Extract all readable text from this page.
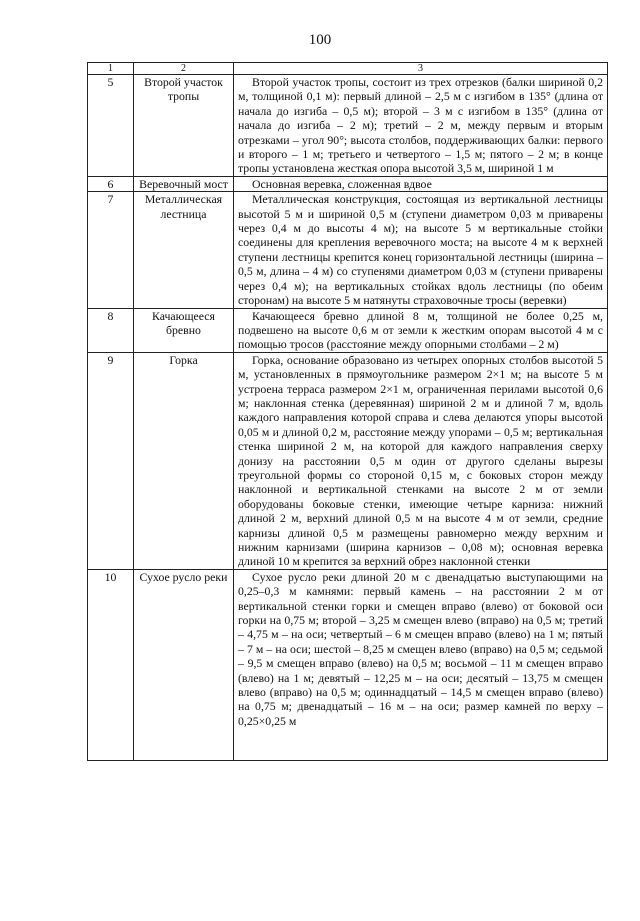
100
1	2	3
5	Второй участок тропы	Второй участок тропы, состоит из трех отрезков (балки шириной 0,2 м, толщиной 0,1 м): первый длиной – 2,5 м с изгибом в 135° (длина от начала до изгиба – 0,5 м); второй – 3 м с изгибом в 135° (длина от начала до изгиба – 2 м); третий – 2 м, между первым и вторым отрезками – угол 90°; высота столбов, поддерживающих балки: первого и второго – 1 м; третьего и четвертого – 1,5 м; пятого – 2 м; в конце тропы установлена жесткая опора высотой 3,5 м, шириной 1 м
6	Веревочный мост	Основная веревка, сложенная вдвое
7	Металлическая лестница	Металлическая конструкция, состоящая из вертикальной лестницы высотой 5 м и шириной 0,5 м (ступени диаметром 0,03 м приварены через 0,4 м до высоты 4 м); на высоте 5 м вертикальные стойки соединены для крепления веревочного моста; на высоте 4 м к верхней ступени лестницы крепится конец горизонтальной лестницы (ширина – 0,5 м, длина – 4 м) со ступенями диаметром 0,03 м (ступени приварены через 0,4 м); на вертикальных стойках вдоль лестницы (по обеим сторонам) на высоте 5 м натянуты страховочные тросы (веревки)
8	Качающееся бревно	Качающееся бревно длиной 8 м, толщиной не более 0,25 м, подвешено на высоте 0,6 м от земли к жестким опорам высотой 4 м с помощью тросов (расстояние между опорными столбами – 2 м)
9	Горка	Горка, основание образовано из четырех опорных столбов высотой 5 м, установленных в прямоугольнике размером 2×1 м; на высоте 5 м устроена терраса размером 2×1 м, ограниченная перилами высотой 0,6 м; наклонная стенка (деревянная) шириной 2 м и длиной 7 м, вдоль каждого направления которой справа и слева делаются упоры высотой 0,05 м и длиной 0,2 м, расстояние между упорами – 0,5 м; вертикальная стенка шириной 2 м, на которой для каждого направления сверху донизу на расстоянии 0,5 м один от другого сделаны вырезы треугольной формы со стороной 0,15 м, с боковых сторон между наклонной и вертикальной стенками на высоте 2 м от земли оборудованы боковые стенки, имеющие четыре карниза: нижний длиной 2 м, верхний длиной 0,5 м на высоте 4 м от земли, средние карнизы длиной 0,5 м размещены равномерно между верхним и нижним карнизами (ширина карнизов – 0,08 м); основная веревка длиной 10 м крепится за верхний обрез наклонной стенки
10	Сухое русло реки	Сухое русло реки длиной 20 м с двенадцатью выступающими на 0,25–0,3 м камнями: первый камень – на расстоянии 2 м от вертикальной стенки горки и смещен вправо (влево) от боковой оси горки на 0,75 м; второй – 3,25 м смещен влево (вправо) на 0,5 м; третий – 4,75 м – на оси; четвертый – 6 м смещен вправо (влево) на 1 м; пятый – 7 м – на оси; шестой – 8,25 м смещен влево (вправо) на 0,5 м; седьмой – 9,5 м смещен вправо (влево) на 0,5 м; восьмой – 11 м смещен вправо (влево) на 1 м; девятый – 12,25 м – на оси; десятый – 13,75 м смещен влево (вправо) на 0,5 м; одиннадцатый – 14,5 м смещен вправо (влево) на 0,75 м; двенадцатый – 16 м – на оси; размер камней по верху – 0,25×0,25 м
